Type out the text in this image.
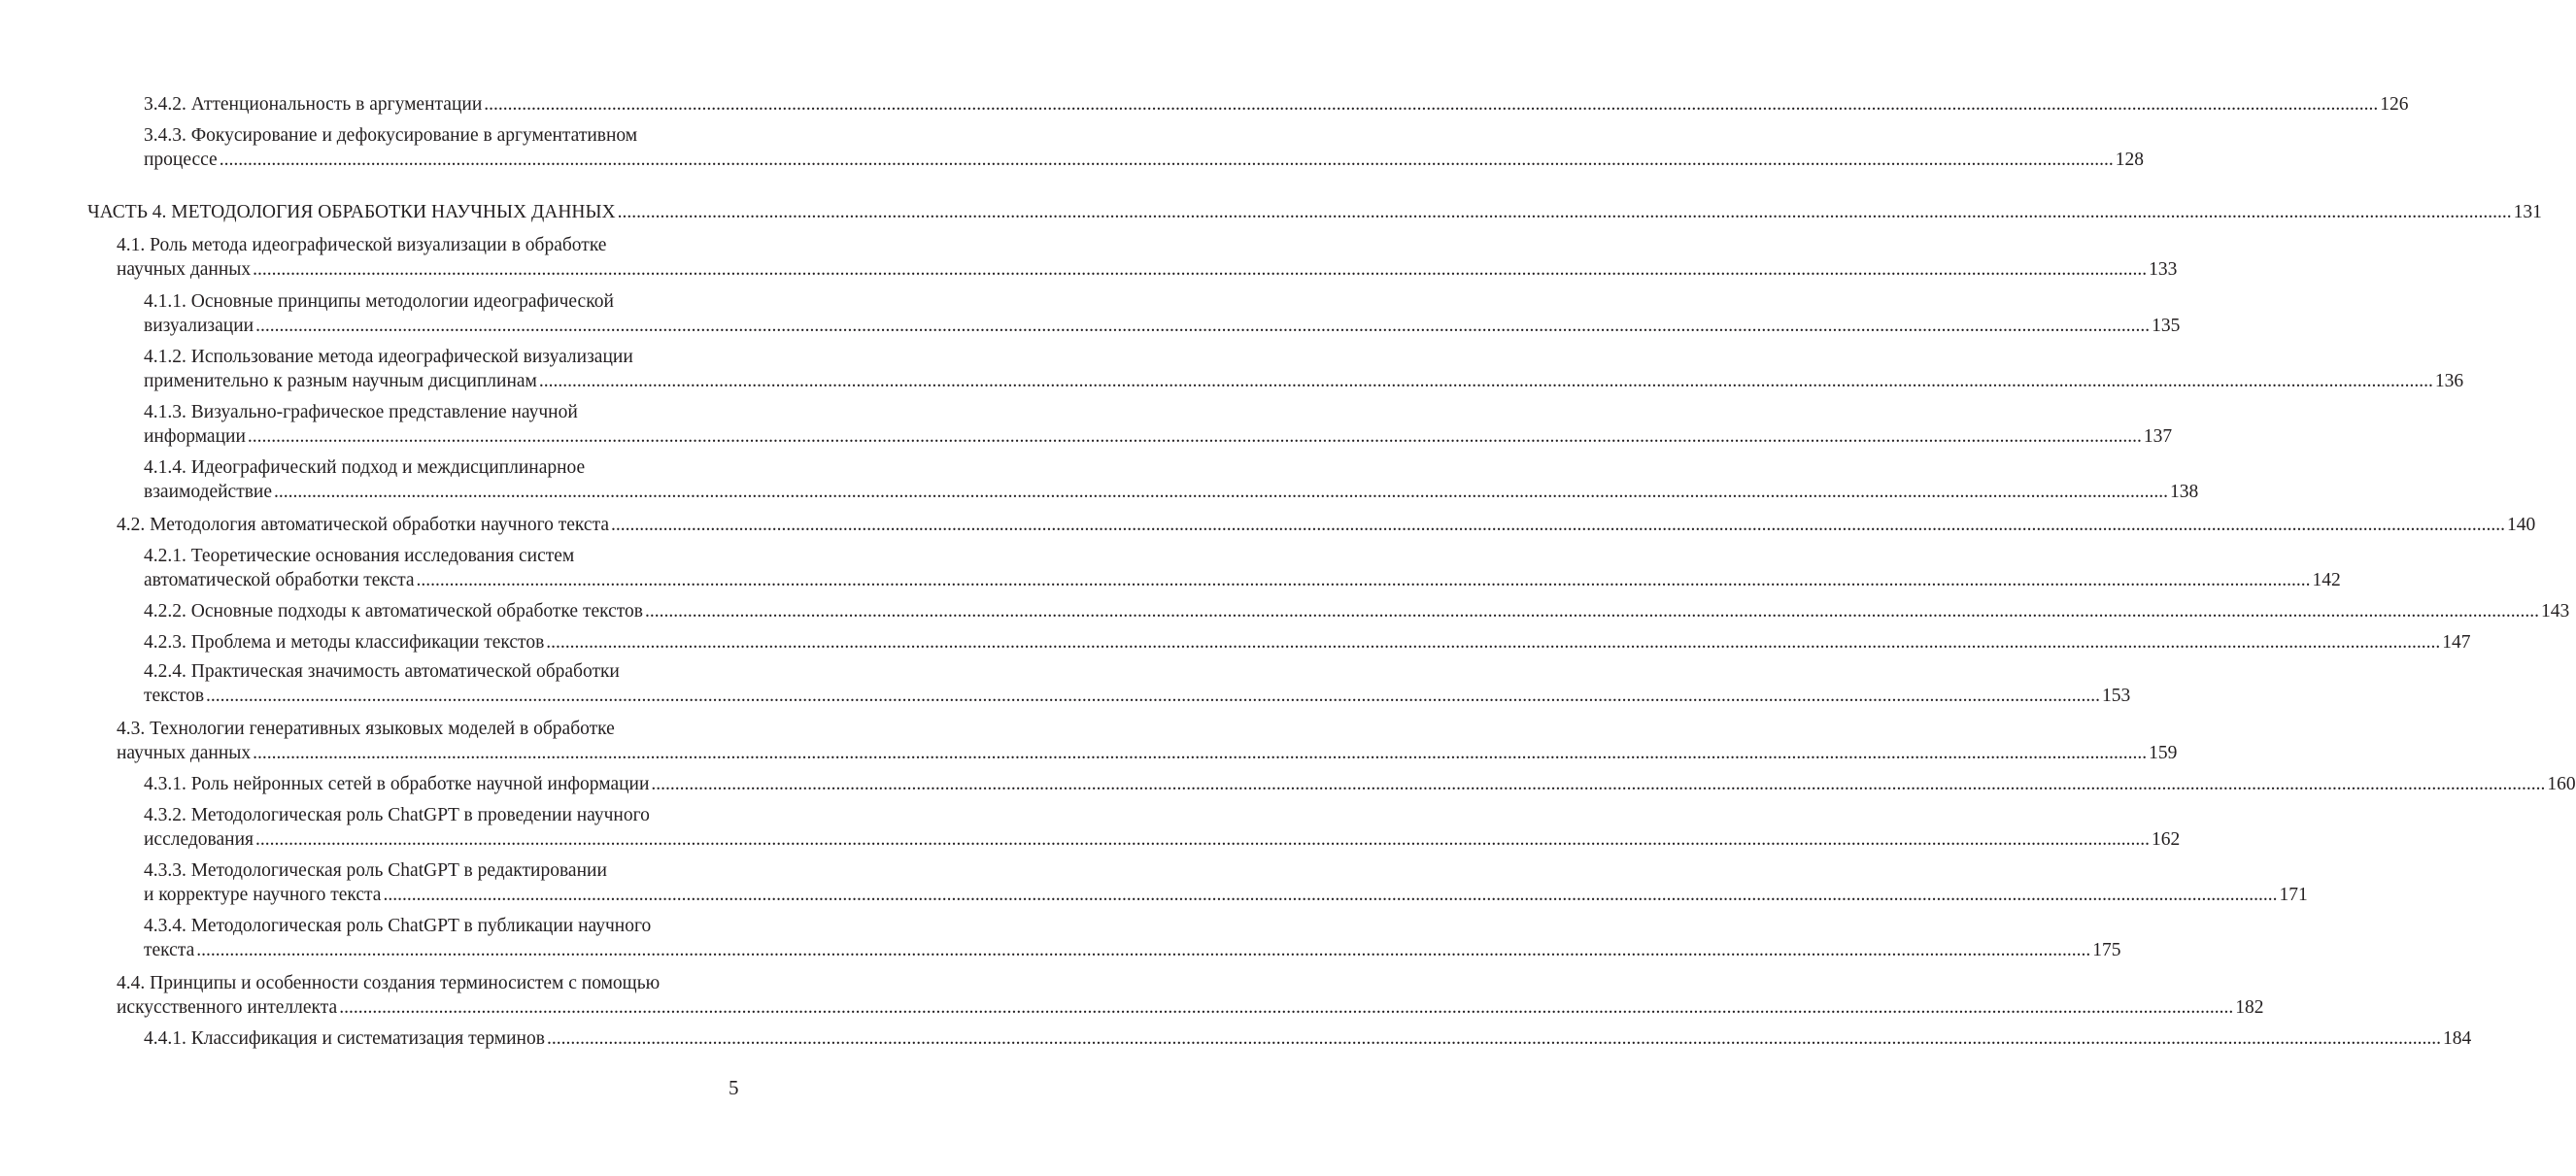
3.4.2. Аттенциональность в аргументации ................................................................................................................................................................................................................................................................................................................................................................................................................ 126
3.4.3. Фокусирование и дефокусирование в аргументативном
процессе ................................................................................................................................................................................................................................................................................................................................................................................................................ 128
ЧАСТЬ 4. МЕТОДОЛОГИЯ ОБРАБОТКИ НАУЧНЫХ ДАННЫХ ................................................................................................................................................................................................................................................................................................................................................................................................................ 131
4.1. Роль метода идеографической визуализации в обработке
научных данных ................................................................................................................................................................................................................................................................................................................................................................................................................ 133
4.1.1. Основные принципы методологии идеографической
визуализации ................................................................................................................................................................................................................................................................................................................................................................................................................ 135
4.1.2. Использование метода идеографической визуализации
применительно к разным научным дисциплинам ................................................................................................................................................................................................................................................................................................................................................................................................................ 136
4.1.3. Визуально-графическое представление научной
информации ................................................................................................................................................................................................................................................................................................................................................................................................................ 137
4.1.4. Идеографический подход и междисциплинарное
взаимодействие ................................................................................................................................................................................................................................................................................................................................................................................................................ 138
4.2. Методология автоматической обработки научного текста ................................................................................................................................................................................................................................................................................................................................................................................................................ 140
4.2.1. Теоретические основания исследования систем
автоматической обработки текста ................................................................................................................................................................................................................................................................................................................................................................................................................ 142
4.2.2. Основные подходы к автоматической обработке текстов ................................................................................................................................................................................................................................................................................................................................................................................................................ 143
4.2.3. Проблема и методы классификации текстов ................................................................................................................................................................................................................................................................................................................................................................................................................ 147
4.2.4. Практическая значимость автоматической обработки
текстов ................................................................................................................................................................................................................................................................................................................................................................................................................ 153
4.3. Технологии генеративных языковых моделей в обработке
научных данных ................................................................................................................................................................................................................................................................................................................................................................................................................ 159
4.3.1. Роль нейронных сетей в обработке научной информации ................................................................................................................................................................................................................................................................................................................................................................................................................ 160
4.3.2. Методологическая роль ChatGPT в проведении научного
исследования ................................................................................................................................................................................................................................................................................................................................................................................................................ 162
4.3.3. Методологическая роль ChatGPT в редактировании
и корректуре научного текста ................................................................................................................................................................................................................................................................................................................................................................................................................ 171
4.3.4. Методологическая роль ChatGPT в публикации научного
текста ................................................................................................................................................................................................................................................................................................................................................................................................................ 175
4.4. Принципы и особенности создания терминосистем с помощью
искусственного интеллекта ................................................................................................................................................................................................................................................................................................................................................................................................................ 182
4.4.1. Классификация и систематизация терминов ................................................................................................................................................................................................................................................................................................................................................................................................................ 184
5
